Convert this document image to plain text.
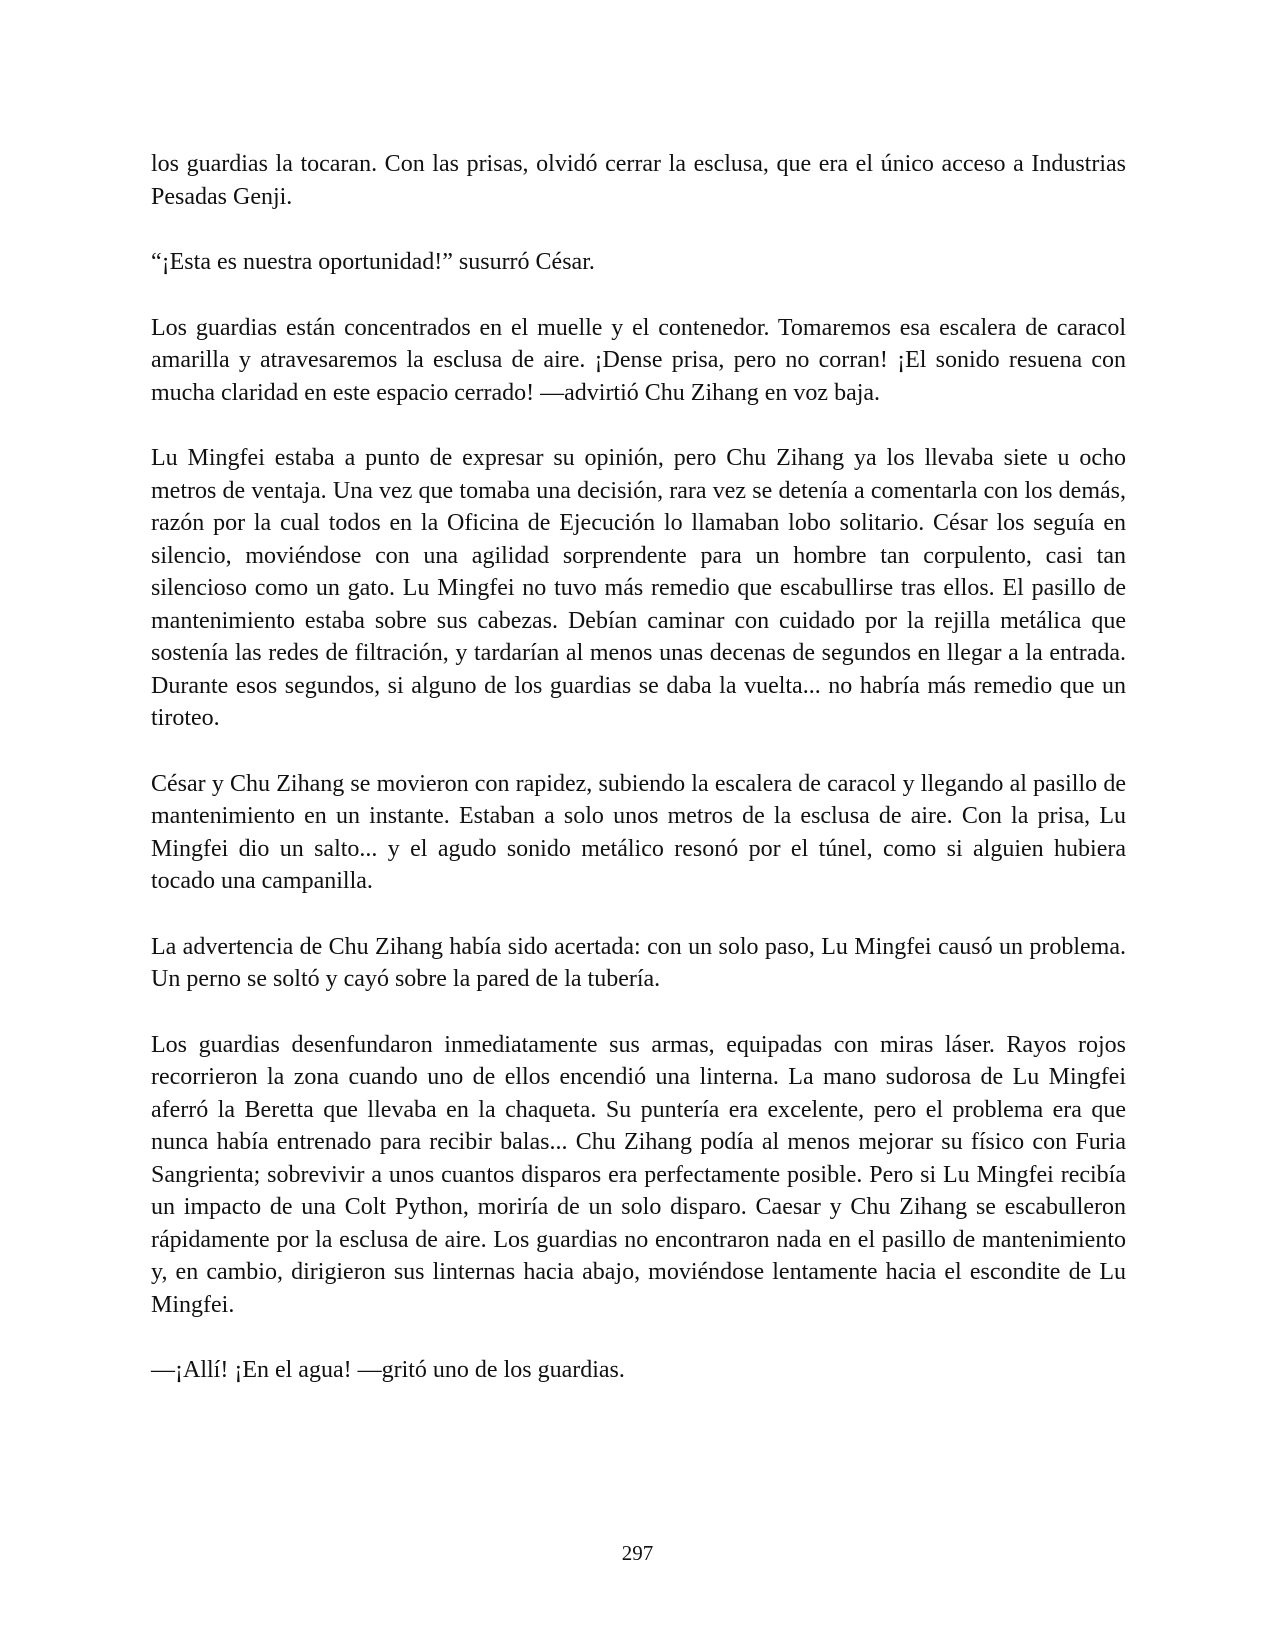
los guardias la tocaran. Con las prisas, olvidó cerrar la esclusa, que era el único acceso a Industrias Pesadas Genji.

“¡Esta es nuestra oportunidad!” susurró César.

Los guardias están concentrados en el muelle y el contenedor. Tomaremos esa escalera de caracol amarilla y atravesaremos la esclusa de aire. ¡Dense prisa, pero no corran! ¡El sonido resuena con mucha claridad en este espacio cerrado! —advirtió Chu Zihang en voz baja.

Lu Mingfei estaba a punto de expresar su opinión, pero Chu Zihang ya los llevaba siete u ocho metros de ventaja. Una vez que tomaba una decisión, rara vez se detenía a comentarla con los demás, razón por la cual todos en la Oficina de Ejecución lo llamaban lobo solitario. César los seguía en silencio, moviéndose con una agilidad sorprendente para un hombre tan corpulento, casi tan silencioso como un gato. Lu Mingfei no tuvo más remedio que escabullirse tras ellos. El pasillo de mantenimiento estaba sobre sus cabezas. Debían caminar con cuidado por la rejilla metálica que sostenía las redes de filtración, y tardarían al menos unas decenas de segundos en llegar a la entrada. Durante esos segundos, si alguno de los guardias se daba la vuelta... no habría más remedio que un tiroteo.

César y Chu Zihang se movieron con rapidez, subiendo la escalera de caracol y llegando al pasillo de mantenimiento en un instante. Estaban a solo unos metros de la esclusa de aire. Con la prisa, Lu Mingfei dio un salto... y el agudo sonido metálico resonó por el túnel, como si alguien hubiera tocado una campanilla.

La advertencia de Chu Zihang había sido acertada: con un solo paso, Lu Mingfei causó un problema. Un perno se soltó y cayó sobre la pared de la tubería.

Los guardias desenfundaron inmediatamente sus armas, equipadas con miras láser. Rayos rojos recorrieron la zona cuando uno de ellos encendió una linterna. La mano sudorosa de Lu Mingfei aferró la Beretta que llevaba en la chaqueta. Su puntería era excelente, pero el problema era que nunca había entrenado para recibir balas... Chu Zihang podía al menos mejorar su físico con Furia Sangrienta; sobrevivir a unos cuantos disparos era perfectamente posible. Pero si Lu Mingfei recibía un impacto de una Colt Python, moriría de un solo disparo. Caesar y Chu Zihang se escabulleron rápidamente por la esclusa de aire. Los guardias no encontraron nada en el pasillo de mantenimiento y, en cambio, dirigieron sus linternas hacia abajo, moviéndose lentamente hacia el escondite de Lu Mingfei.

—¡Allí! ¡En el agua! —gritó uno de los guardias.

297
